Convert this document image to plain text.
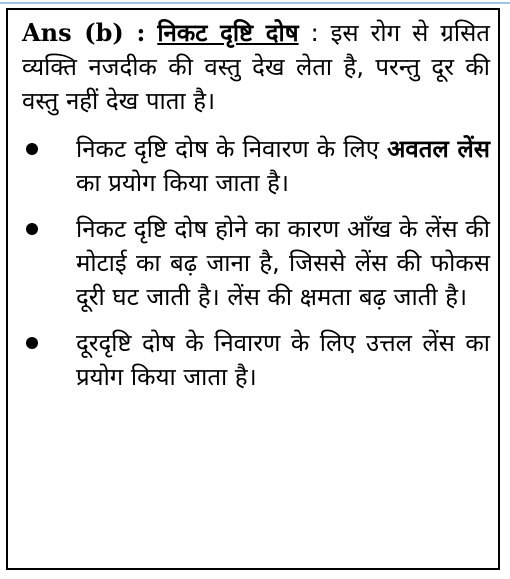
Ans (b) : निकट दृष्टि दोष : इस रोग से ग्रसित व्यक्ति नजदीक की वस्तु देख लेता है, परन्तु दूर की वस्तु नहीं देख पाता है।

निकट दृष्टि दोष के निवारण के लिए अवतल लेंस का प्रयोग किया जाता है।
निकट दृष्टि दोष होने का कारण आँख के लेंस की मोटाई का बढ़ जाना है, जिससे लेंस की फोकस दूरी घट जाती है। लेंस की क्षमता बढ़ जाती है।
दूरदृष्टि दोष के निवारण के लिए उत्तल लेंस का प्रयोग किया जाता है।
